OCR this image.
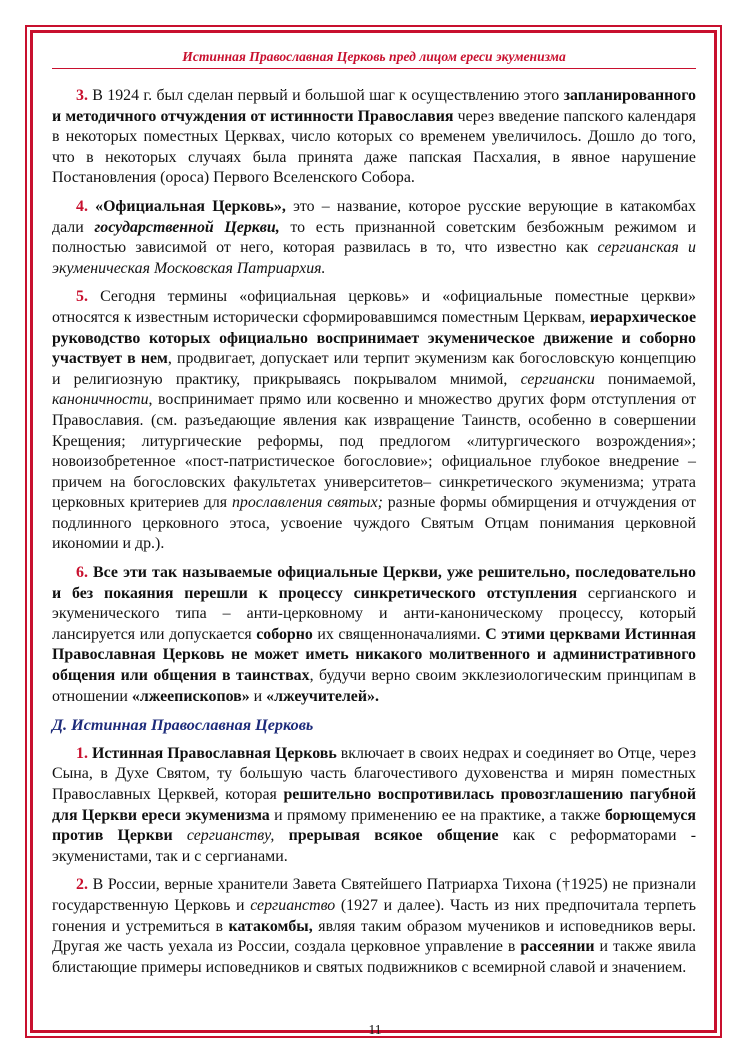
Истинная Православная Церковь пред лицом ереси экуменизма

3. В 1924 г. был сделан первый и большой шаг к осуществлению этого запланированного и методичного отчуждения от истинности Православия через введение папского календаря в некоторых поместных Церквах, число которых со временем увеличилось. Дошло до того, что в некоторых случаях была принята даже папская Пасхалия, в явное нарушение Постановления (ороса) Первого Вселенского Собора.

4. «Официальная Церковь», это – название, которое русские верующие в катакомбах дали государственной Церкви, то есть признанной советским безбожным режимом и полностью зависимой от него, которая развилась в то, что известно как сергианская и экуменическая Московская Патриархия.

5. Сегодня термины «официальная церковь» и «официальные поместные церкви» относятся к известным исторически сформировавшимся поместным Церквам, иерархическое руководство которых официально воспринимает экуменическое движение и соборно участвует в нем, продвигает, допускает или терпит экуменизм как богословскую концепцию и религиозную практику, прикрываясь покрывалом мнимой, сергиански понимаемой, каноничности, воспринимает прямо или косвенно и множество других форм отступления от Православия. (см. разъедающие явления как извращение Таинств, особенно в совершении Крещения; литургические реформы, под предлогом «литургического возрождения»; новоизобретенное «пост-патристическое богословие»; официальное глубокое внедрение –причем на богословских факультетах университетов– синкретического экуменизма; утрата церковных критериев для прославления святых; разные формы обмирщения и отчуждения от подлинного церковного этоса, усвоение чуждого Святым Отцам понимания церковной икономии и др.).

6. Все эти так называемые официальные Церкви, уже решительно, последовательно и без покаяния перешли к процессу синкретического отступления сергианского и экуменического типа – анти-церковному и анти-каноническому процессу, который лансируется или допускается соборно их священноначалиями. С этими церквами Истинная Православная Церковь не может иметь никакого молитвенного и административного общения или общения в таинствах, будучи верно своим экклезиологическим принципам в отношении «лжеепископов» и «лжеучителей».

Д. Истинная Православная Церковь

1. Истинная Православная Церковь включает в своих недрах и соединяет во Отце, через Сына, в Духе Святом, ту большую часть благочестивого духовенства и мирян поместных Православных Церквей, которая решительно воспротивилась провозглашению пагубной для Церкви ереси экуменизма и прямому применению ее на практике, а также борющемуся против Церкви сергианству, прерывая всякое общение как с реформаторами - экуменистами, так и с сергианами.

2. В России, верные хранители Завета Святейшего Патриарха Тихона (†1925) не признали государственную Церковь и сергианство (1927 и далее). Часть из них предпочитала терпеть гонения и устремиться в катакомбы, являя таким образом мучеников и исповедников веры. Другая же часть уехала из России, создала церковное управление в рассеянии и также явила блистающие примеры исповедников и святых подвижников с всемирной славой и значением.

11
